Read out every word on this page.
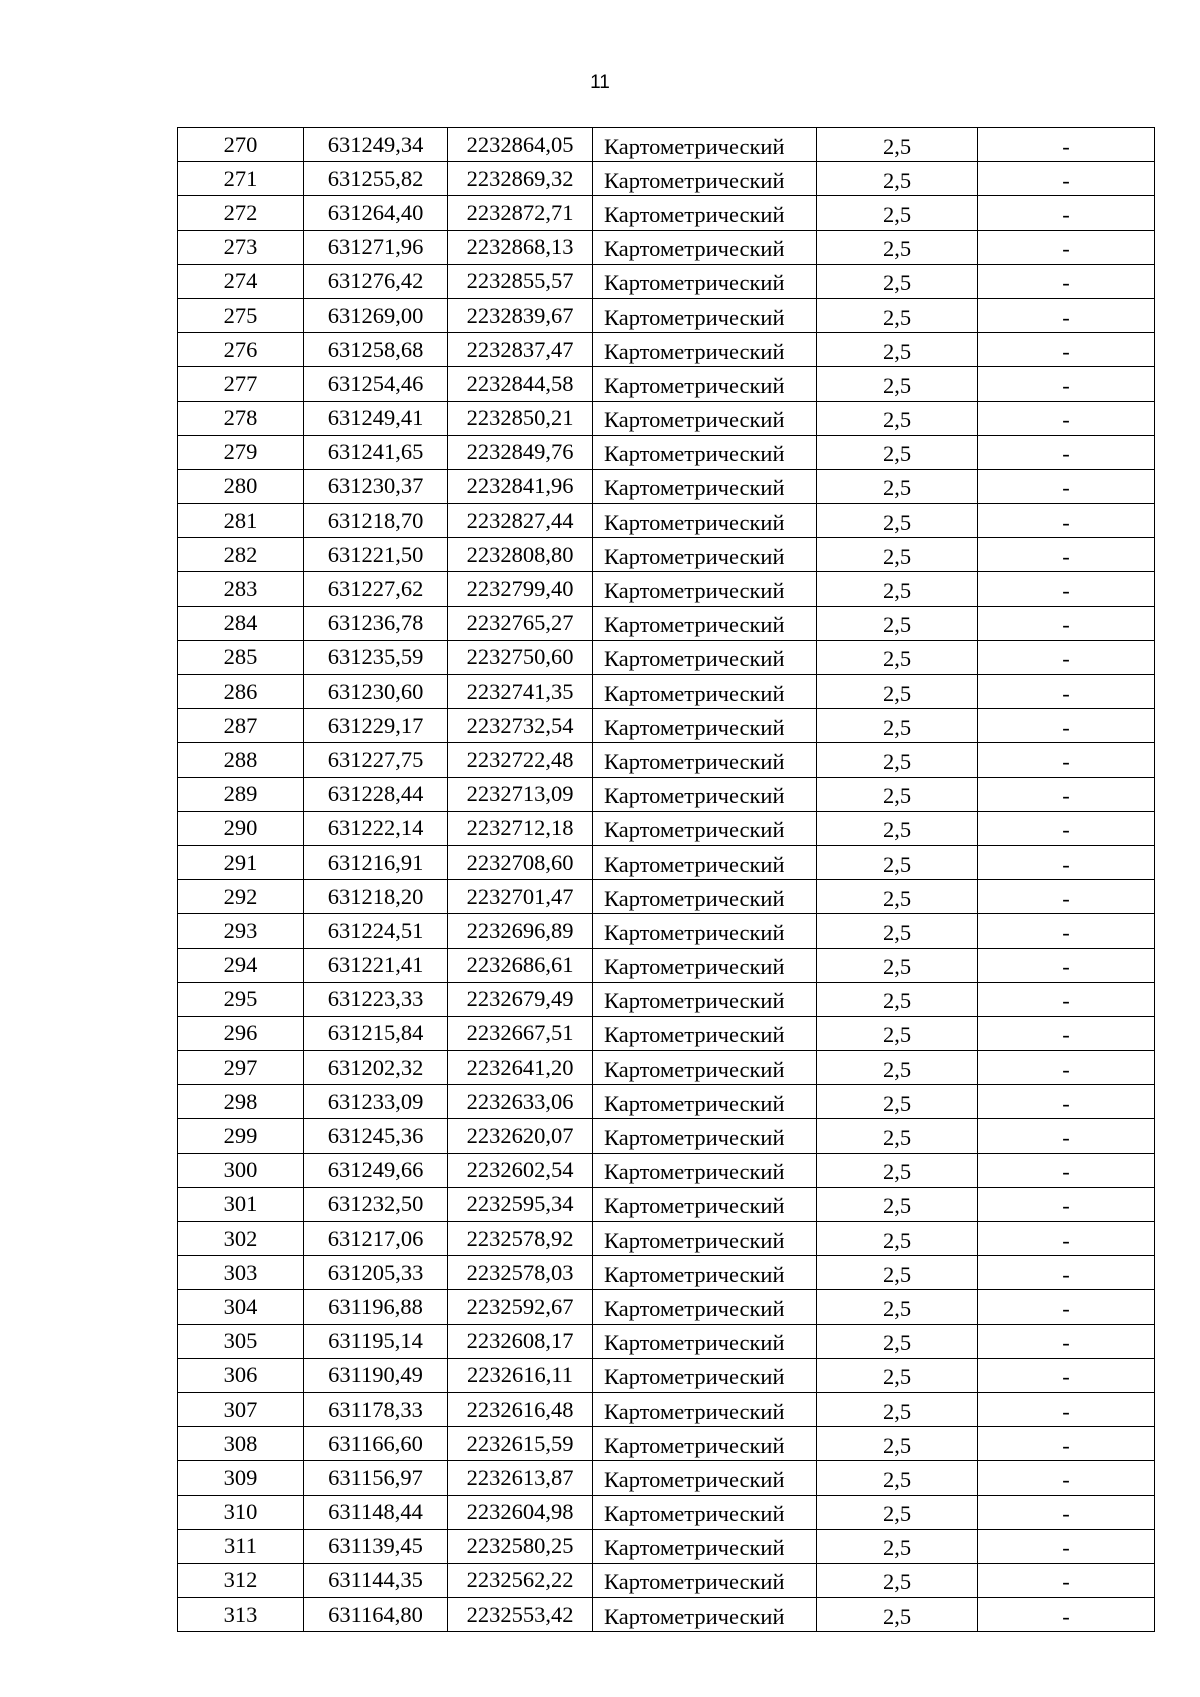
11
270	631249,34	2232864,05	Картометрический	2,5	-
271	631255,82	2232869,32	Картометрический	2,5	-
272	631264,40	2232872,71	Картометрический	2,5	-
273	631271,96	2232868,13	Картометрический	2,5	-
274	631276,42	2232855,57	Картометрический	2,5	-
275	631269,00	2232839,67	Картометрический	2,5	-
276	631258,68	2232837,47	Картометрический	2,5	-
277	631254,46	2232844,58	Картометрический	2,5	-
278	631249,41	2232850,21	Картометрический	2,5	-
279	631241,65	2232849,76	Картометрический	2,5	-
280	631230,37	2232841,96	Картометрический	2,5	-
281	631218,70	2232827,44	Картометрический	2,5	-
282	631221,50	2232808,80	Картометрический	2,5	-
283	631227,62	2232799,40	Картометрический	2,5	-
284	631236,78	2232765,27	Картометрический	2,5	-
285	631235,59	2232750,60	Картометрический	2,5	-
286	631230,60	2232741,35	Картометрический	2,5	-
287	631229,17	2232732,54	Картометрический	2,5	-
288	631227,75	2232722,48	Картометрический	2,5	-
289	631228,44	2232713,09	Картометрический	2,5	-
290	631222,14	2232712,18	Картометрический	2,5	-
291	631216,91	2232708,60	Картометрический	2,5	-
292	631218,20	2232701,47	Картометрический	2,5	-
293	631224,51	2232696,89	Картометрический	2,5	-
294	631221,41	2232686,61	Картометрический	2,5	-
295	631223,33	2232679,49	Картометрический	2,5	-
296	631215,84	2232667,51	Картометрический	2,5	-
297	631202,32	2232641,20	Картометрический	2,5	-
298	631233,09	2232633,06	Картометрический	2,5	-
299	631245,36	2232620,07	Картометрический	2,5	-
300	631249,66	2232602,54	Картометрический	2,5	-
301	631232,50	2232595,34	Картометрический	2,5	-
302	631217,06	2232578,92	Картометрический	2,5	-
303	631205,33	2232578,03	Картометрический	2,5	-
304	631196,88	2232592,67	Картометрический	2,5	-
305	631195,14	2232608,17	Картометрический	2,5	-
306	631190,49	2232616,11	Картометрический	2,5	-
307	631178,33	2232616,48	Картометрический	2,5	-
308	631166,60	2232615,59	Картометрический	2,5	-
309	631156,97	2232613,87	Картометрический	2,5	-
310	631148,44	2232604,98	Картометрический	2,5	-
311	631139,45	2232580,25	Картометрический	2,5	-
312	631144,35	2232562,22	Картометрический	2,5	-
313	631164,80	2232553,42	Картометрический	2,5	-
